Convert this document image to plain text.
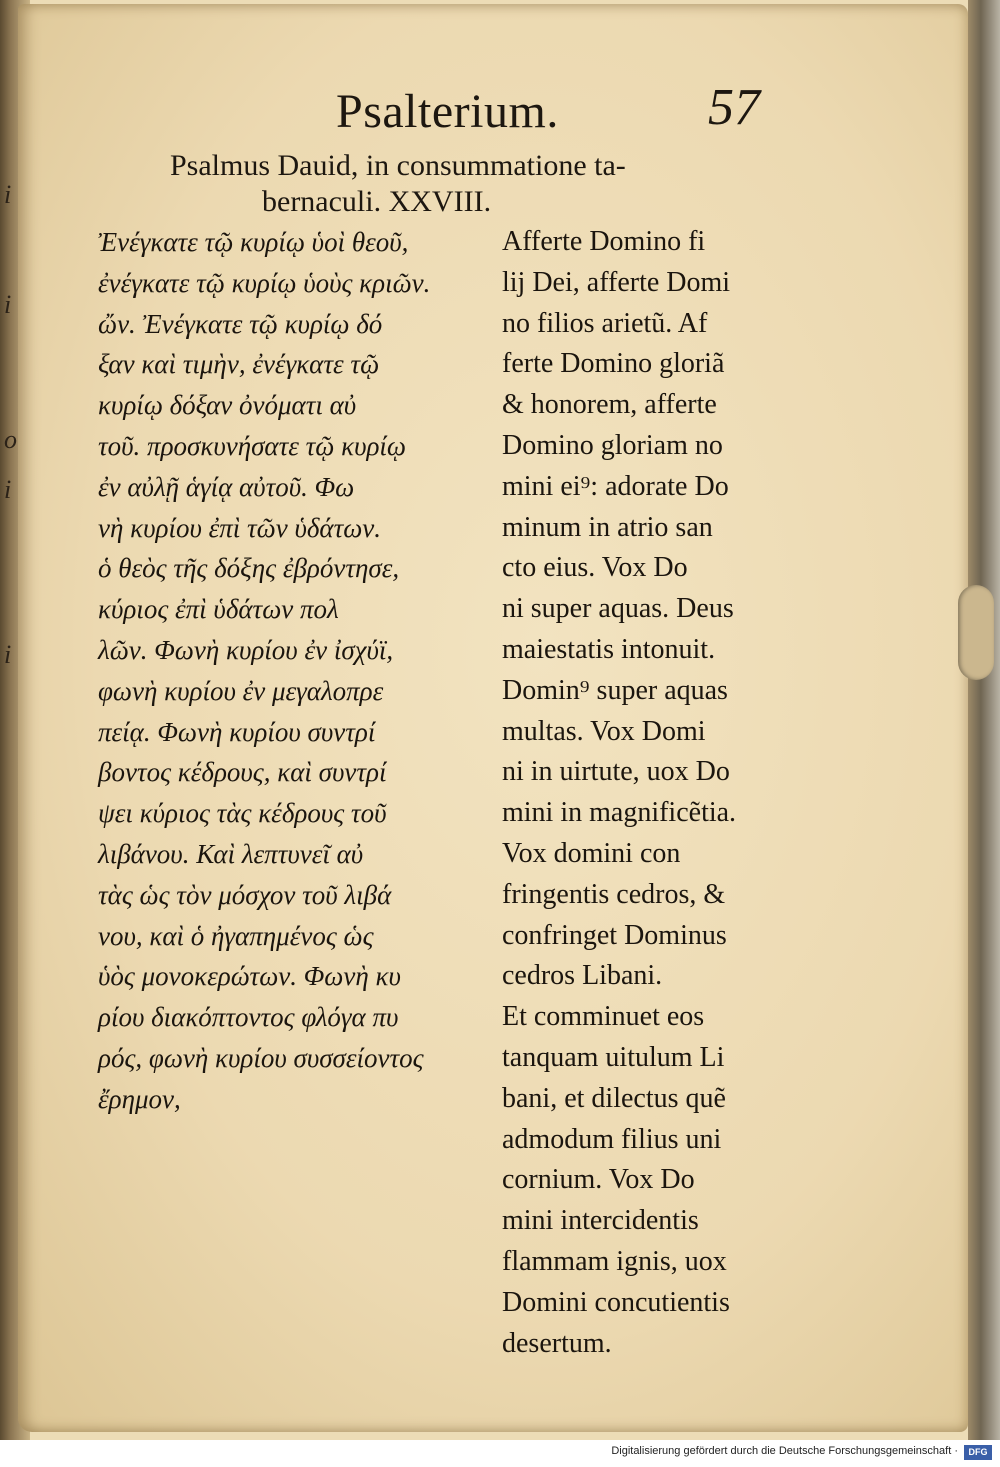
i
i
o
i
i
Psalterium.	57
Psalmus Dauid, in consummatione ta-
bernaculi. XXVIII.
Ἐνέγκατε τῷ κυρίῳ ὑοὶ θεοῦ,
ἐνέγκατε τῷ κυρίῳ ὑοὺς κριῶν.
ὤν. Ἐνέγκατε τῷ κυρίῳ δό
ξαν καὶ τιμὴν, ἐνέγκατε τῷ
κυρίῳ δόξαν ὀνόματι αὐ
τοῦ. προσκυνήσατε τῷ κυρίῳ
ἐν αὐλῇ ἁγίᾳ αὐτοῦ. Φω
νὴ κυρίου ἐπὶ τῶν ὑδάτων.
ὁ θεὸς τῆς δόξης ἐβρόντησε,
κύριος ἐπὶ ὑδάτων πολ
λῶν. Φωνὴ κυρίου ἐν ἰσχύϊ,
φωνὴ κυρίου ἐν μεγαλοπρε
πείᾳ. Φωνὴ κυρίου συντρί
βοντος κέδρους, καὶ συντρί
ψει κύριος τὰς κέδρους τοῦ
λιβάνου. Καὶ λεπτυνεῖ αὐ
τὰς ὡς τὸν μόσχον τοῦ λιβά
νου, καὶ ὁ ἠγαπημένος ὡς
ὑὸς μονοκερώτων. Φωνὴ κυ
ρίου διακόπτοντος φλόγα πυ
ρός, φωνὴ κυρίου συσσείοντος
ἔρημον,
Afferte Domino fi
lij Dei, afferte Domi
no filios arietũ. Af
ferte Domino gloriã
& honorem, afferte
Domino gloriam no
mini ei⁹: adorate Do
minum in atrio san
cto eius. Vox Do
ni super aquas. Deus
maiestatis intonuit.
Domin⁹ super aquas
multas. Vox Domi
ni in uirtute, uox Do
mini in magnificẽtia.
Vox domini con
fringentis cedros, &
confringet Dominus
cedros Libani.
Et comminuet eos
tanquam uitulum Li
bani, et dilectus quẽ
admodum filius uni
cornium. Vox Do
mini intercidentis
flammam ignis, uox
Domini concutientis
desertum.
Digitalisierung gefördert durch die Deutsche Forschungsgemeinschaft ·	DFG
